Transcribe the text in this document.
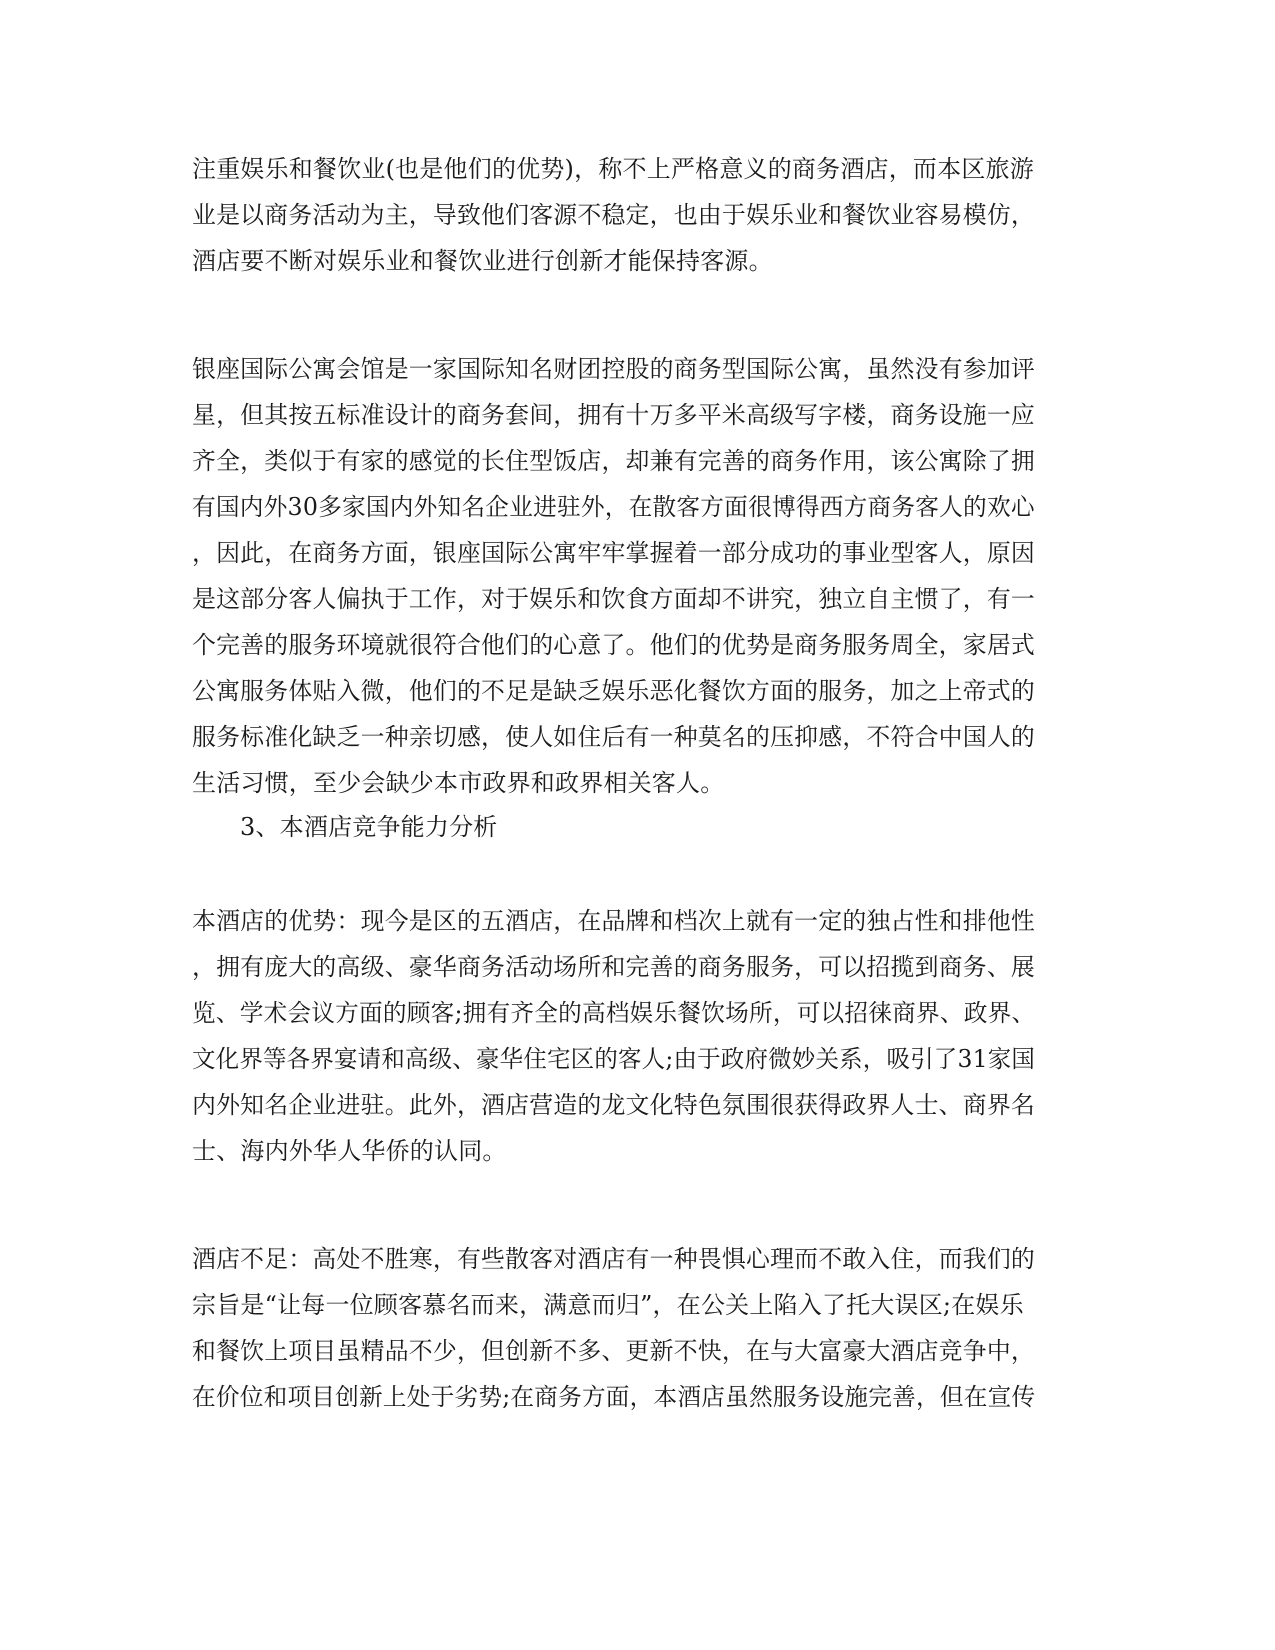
注重娱乐和餐饮业(也是他们的优势)，称不上严格意义的商务酒店，而本区旅游
业是以商务活动为主，导致他们客源不稳定，也由于娱乐业和餐饮业容易模仿，
酒店要不断对娱乐业和餐饮业进行创新才能保持客源。
银座国际公寓会馆是一家国际知名财团控股的商务型国际公寓，虽然没有参加评
星，但其按五标准设计的商务套间，拥有十万多平米高级写字楼，商务设施一应
齐全，类似于有家的感觉的长住型饭店，却兼有完善的商务作用，该公寓除了拥
有国内外30多家国内外知名企业进驻外，在散客方面很博得西方商务客人的欢心
，因此，在商务方面，银座国际公寓牢牢掌握着一部分成功的事业型客人，原因
是这部分客人偏执于工作，对于娱乐和饮食方面却不讲究，独立自主惯了，有一
个完善的服务环境就很符合他们的心意了。他们的优势是商务服务周全，家居式
公寓服务体贴入微，他们的不足是缺乏娱乐恶化餐饮方面的服务，加之上帝式的
服务标准化缺乏一种亲切感，使人如住后有一种莫名的压抑感，不符合中国人的
生活习惯，至少会缺少本市政界和政界相关客人。
3、本酒店竞争能力分析
本酒店的优势：现今是区的五酒店，在品牌和档次上就有一定的独占性和排他性
，拥有庞大的高级、豪华商务活动场所和完善的商务服务，可以招揽到商务、展
览、学术会议方面的顾客;拥有齐全的高档娱乐餐饮场所，可以招徕商界、政界、
文化界等各界宴请和高级、豪华住宅区的客人;由于政府微妙关系，吸引了31家国
内外知名企业进驻。此外，酒店营造的龙文化特色氛围很获得政界人士、商界名
士、海内外华人华侨的认同。
酒店不足：高处不胜寒，有些散客对酒店有一种畏惧心理而不敢入住，而我们的
宗旨是“让每一位顾客慕名而来，满意而归”，在公关上陷入了托大误区;在娱乐
和餐饮上项目虽精品不少，但创新不多、更新不快，在与大富豪大酒店竞争中，
在价位和项目创新上处于劣势;在商务方面，本酒店虽然服务设施完善，但在宣传
